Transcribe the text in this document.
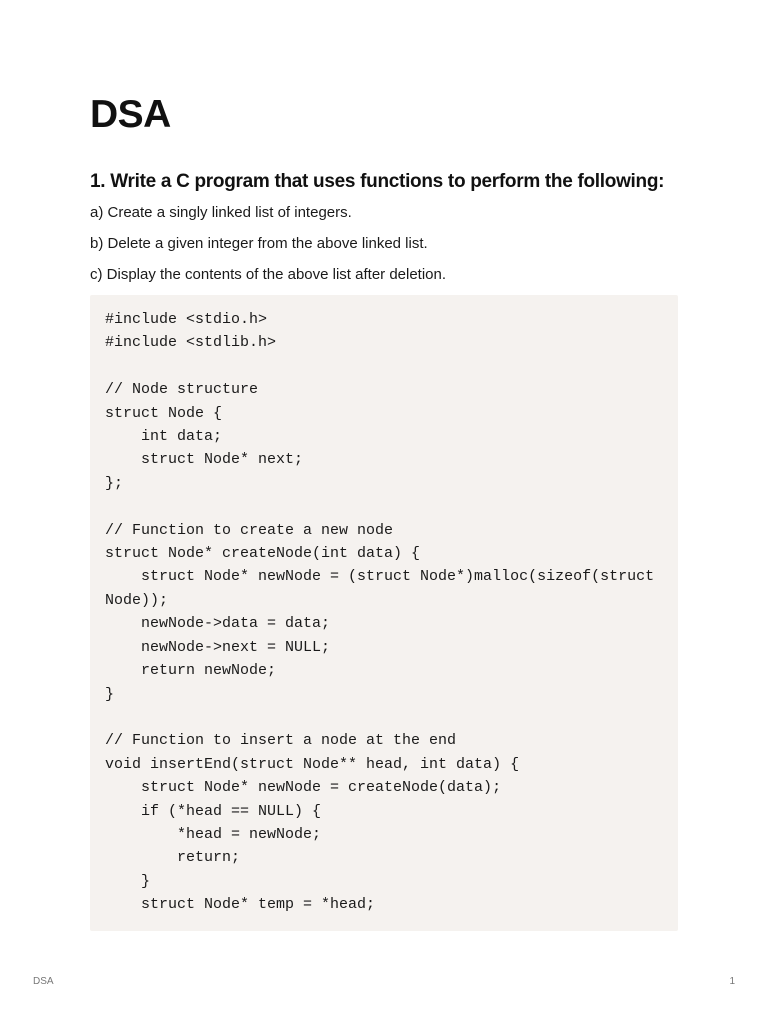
DSA
1. Write a C program that uses functions to perform the following:

a) Create a singly linked list of integers.

b) Delete a given integer from the above linked list.

c) Display the contents of the above list after deletion.

#include <stdio.h>
#include <stdlib.h>

// Node structure
struct Node {
int data;
struct Node* next;
};

// Function to create a new node
struct Node* createNode(int data) {
struct Node* newNode = (struct Node*)malloc(sizeof(struct
Node));
newNode->data = data;
newNode->next = NULL;
return newNode;
}

// Function to insert a node at the end
void insertEnd(struct Node** head, int data) {
struct Node* newNode = createNode(data);
if (*head == NULL) {
*head = newNode;
return;
}
struct Node* temp = *head;
DSA	1
